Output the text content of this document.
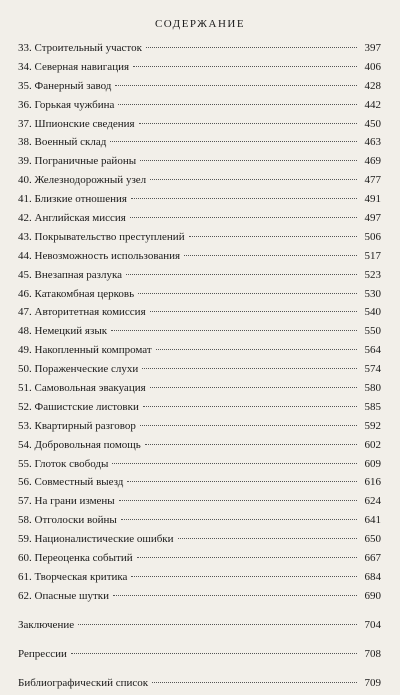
СОДЕРЖАНИЕ
33. Строительный участок	397
34. Северная навигация	406
35. Фанерный завод	428
36. Горькая чужбина	442
37. Шпионские сведения	450
38. Военный склад	463
39. Пограничные районы	469
40. Железнодорожный узел	477
41. Близкие отношения	491
42. Английская миссия	497
43. Покрывательство преступлений	506
44. Невозможность использования	517
45. Внезапная разлука	523
46. Катакомбная церковь	530
47. Авторитетная комиссия	540
48. Немецкий язык	550
49. Накопленный компромат	564
50. Пораженческие слухи	574
51. Самовольная эвакуация	580
52. Фашистские листовки	585
53. Квартирный разговор	592
54. Добровольная помощь	602
55. Глоток свободы	609
56. Совместный выезд	616
57. На грани измены	624
58. Отголоски войны	641
59. Националистические ошибки	650
60. Переоценка событий	667
61. Творческая критика	684
62. Опасные шутки	690
Заключение	704
Репрессии	708
Библиографический список	709
